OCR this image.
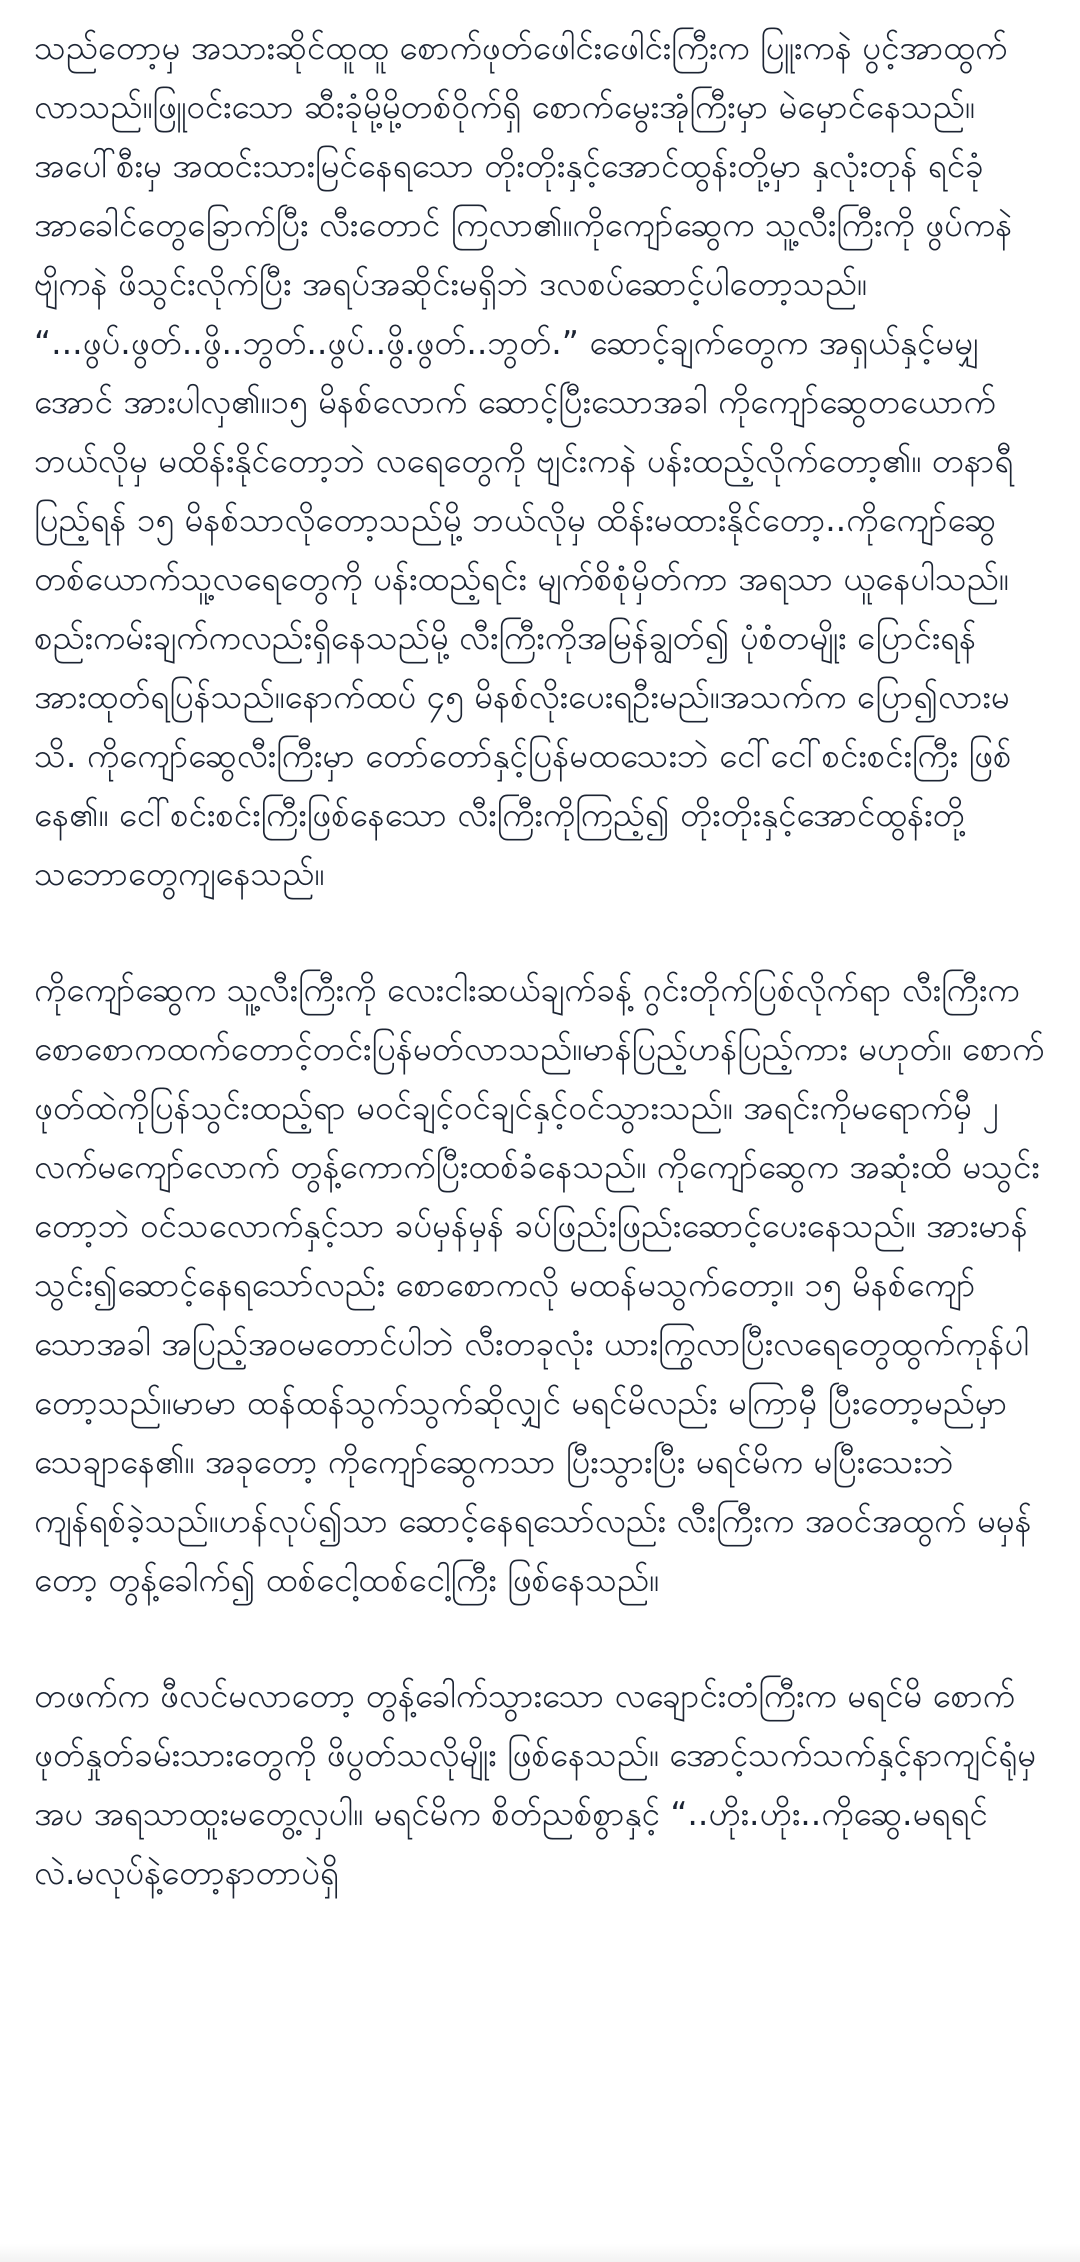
သည်တော့မှ အသားဆိုင်ထူထူ စောက်ဖုတ်ဖေါင်းဖေါင်းကြီးက ပြူးကနဲ ပွင့်အာထွက်လာသည်။ဖြူဝင်းသော ဆီးခုံမို့မို့တစ်ဝိုက်ရှိ စောက်မွေးအုံကြီးမှာ မဲမှောင်နေသည်။အပေါ်စီးမှ အထင်းသားမြင်နေရသော တိုးတိုးနှင့်အောင်ထွန်းတို့မှာ နှလုံးတုန် ရင်ခုံ အာခေါင်တွေခြောက်ပြီး လီးတောင် ကြလာ၏။ကိုကျော်ဆွေက သူ့လီးကြီးကို ဖွပ်ကနဲ ဗျိကနဲ ဖိသွင်းလိုက်ပြီး အရပ်အဆိုင်းမရှိဘဲ ဒလစပ်ဆောင့်ပါတော့သည်။ “...ဖွပ်.ဖွတ်..ဖွိ..ဘွတ်..ဖွပ်..ဖွိ.ဖွတ်..ဘွတ်.” ဆောင့်ချက်တွေက အရှယ်နှင့်မမျှအောင် အားပါလှ၏။၁၅ မိနစ်လောက် ဆောင့်ပြီးသောအခါ ကိုကျော်ဆွေတယောက် ဘယ်လိုမှ မထိန်းနိုင်တော့ဘဲ လရေတွေကို ဗျင်းကနဲ ပန်းထည့်လိုက်တော့၏။ တနာရီပြည့်ရန် ၁၅ မိနစ်သာလိုတော့သည်မို့ ဘယ်လိုမှ ထိန်းမထားနိုင်တော့..ကိုကျော်ဆွေတစ်ယောက်သူ့လရေတွေကို ပန်းထည့်ရင်း မျက်စိစုံမှိတ်ကာ အရသာ ယူနေပါသည်။ စည်းကမ်းချက်ကလည်းရှိနေသည်မို့ လီးကြီးကိုအမြန်ချွတ်၍ ပုံစံတမျိုး ပြောင်းရန် အားထုတ်ရပြန်သည်။နောက်ထပ် ၄၅ မိနစ်လိုးပေးရဦးမည်။အသက်က ပြော၍လားမသိ. ကိုကျော်ဆွေလီးကြီးမှာ တော်တော်နှင့်ပြန်မထသေးဘဲ ငေါ်ငေါ်စင်းစင်းကြီး ဖြစ်နေ၏။ ငေါ်စင်းစင်းကြီးဖြစ်နေသော လီးကြီးကိုကြည့်၍ တိုးတိုးနှင့်အောင်ထွန်းတို့ သဘောတွေကျနေသည်။

ကိုကျော်ဆွေက သူ့လီးကြီးကို လေးငါးဆယ်ချက်ခန့် ဂွင်းတိုက်ပြစ်လိုက်ရာ လီးကြီးက စောစောကထက်တောင့်တင်းပြန်မတ်လာသည်။မာန်ပြည့်ဟန်ပြည့်ကား မဟုတ်။ စောက်ဖုတ်ထဲကိုပြန်သွင်းထည့်ရာ မဝင်ချင့်ဝင်ချင်နှင့်ဝင်သွားသည်။ အရင်းကိုမရောက်မှီ ၂ လက်မကျော်လောက် တွန့်ကောက်ပြီးထစ်ခံနေသည်။ ကိုကျော်ဆွေက အဆုံးထိ မသွင်းတော့ဘဲ ဝင်သလောက်နှင့်သာ ခပ်မှန်မှန် ခပ်ဖြည်းဖြည်းဆောင့်ပေးနေသည်။ အားမာန်သွင်း၍ဆောင့်နေရသော်လည်း စောစောကလို မထန်မသွက်တော့။ ၁၅ မိနစ်ကျော်သောအခါ အပြည့်အဝမတောင်ပါဘဲ လီးတခုလုံး ယားကြွလာပြီးလရေတွေထွက်ကုန်ပါတော့သည်။မာမာ ထန်ထန်သွက်သွက်ဆိုလျှင် မရင်မိလည်း မကြာမှီ ပြီးတော့မည်မှာ သေချာနေ၏။ အခုတော့ ကိုကျော်ဆွေကသာ ပြီးသွားပြီး မရင်မိက မပြီးသေးဘဲ ကျန်ရစ်ခဲ့သည်။ဟန်လုပ်၍သာ ဆောင့်နေရသော်လည်း လီးကြီးက အဝင်အထွက် မမှန်တော့ တွန့်ခေါက်၍ ထစ်ငေါ့ထစ်ငေါ့ကြီး ဖြစ်နေသည်။

တဖက်က ဖီလင်မလာတော့ တွန့်ခေါက်သွားသော လချောင်းတံကြီးက မရင်မိ စောက်ဖုတ်နှုတ်ခမ်းသားတွေကို ဖိပွတ်သလိုမျိုး ဖြစ်နေသည်။ အောင့်သက်သက်နှင့်နာကျင်ရုံမှအပ အရသာထူးမတွေ့လှပါ။ မရင်မိက စိတ်ညစ်စွာနှင့် “..ဟိုး.ဟိုး..ကိုဆွေ.မရရင်လဲ.မလုပ်နဲ့တော့နာတာပဲရှိ
